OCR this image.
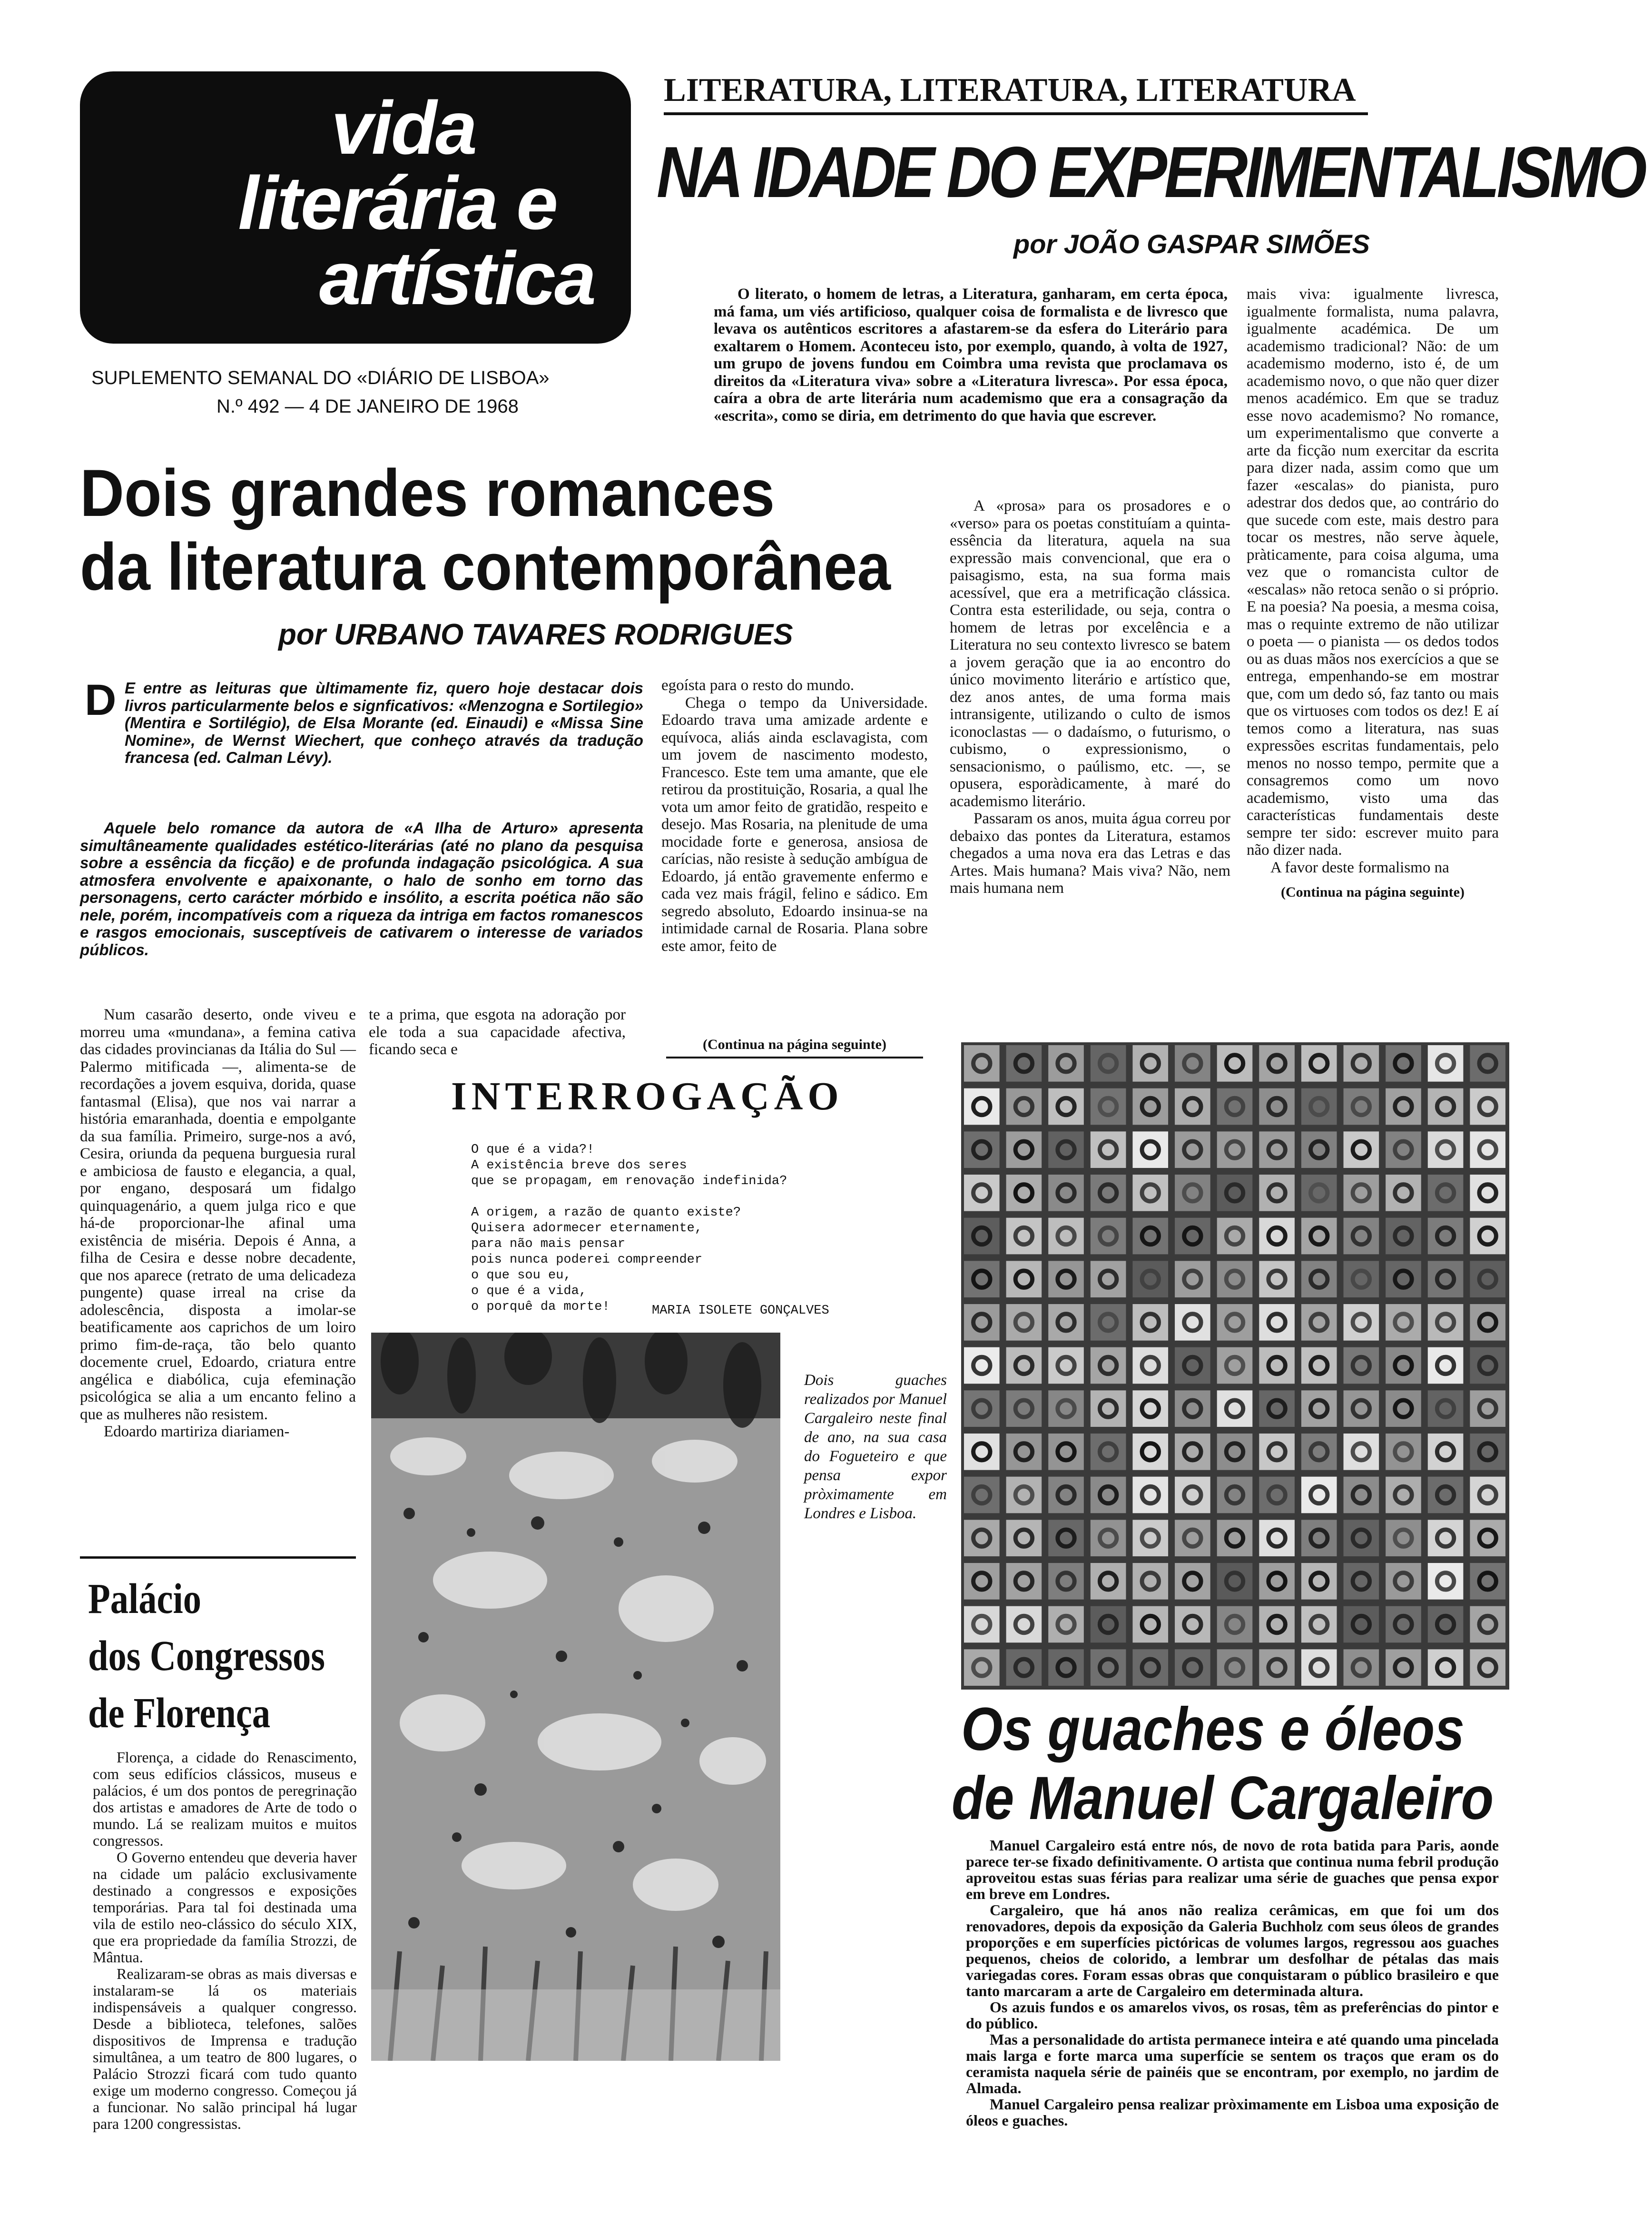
vida
literária e
artística
SUPLEMENTO SEMANAL DO «DIÁRIO DE LISBOA»
N.º 492 — 4 DE JANEIRO DE 1968
LITERATURA, LITERATURA, LITERATURA
NA IDADE DO EXPERIMENTALISMO
por JOÃO GASPAR SIMÕES

O literato, o homem de letras, a Literatura, ganharam, em certa época, má fama, um viés artificioso, qualquer coisa de formalista e de livresco que levava os autênticos escritores a afastarem-se da esfera do Literário para exaltarem o Homem. Aconteceu isto, por exemplo, quando, à volta de 1927, um grupo de jovens fundou em Coimbra uma revista que proclamava os direitos da «Literatura viva» sobre a «Literatura livresca». Por essa época, caíra a obra de arte literária num academismo que era a consagração da «escrita», como se diria, em detrimento do que havia que escrever.

A «prosa» para os prosadores e o «verso» para os poetas constituíam a quinta-essência da literatura, aquela na sua expressão mais convencional, que era o paisagismo, esta, na sua forma mais acessível, que era a metrificação clássica. Contra esta esterilidade, ou seja, contra o homem de letras por excelência e a Literatura no seu contexto livresco se batem a jovem geração que ia ao encontro do único movimento literário e artístico que, dez anos antes, de uma forma mais intransigente, utilizando o culto de ismos iconoclastas — o dadaísmo, o futurismo, o cubismo, o expressionismo, o sensacionismo, o paúlismo, etc. —, se opusera, esporàdicamente, à maré do academismo literário.

Passaram os anos, muita água correu por debaixo das pontes da Literatura, estamos chegados a uma nova era das Letras e das Artes. Mais humana? Mais viva? Não, nem mais humana nem

mais viva: igualmente livresca, igualmente formalista, numa palavra, igualmente académica. De um academismo tradicional? Não: de um academismo moderno, isto é, de um academismo novo, o que não quer dizer menos académico. Em que se traduz esse novo academismo? No romance, um experimentalismo que converte a arte da ficção num exercitar da escrita para dizer nada, assim como que um fazer «escalas» do pianista, puro adestrar dos dedos que, ao contrário do que sucede com este, mais destro para tocar os mestres, não serve àquele, pràticamente, para coisa alguma, uma vez que o romancista cultor de «escalas» não retoca senão o si próprio. E na poesia? Na poesia, a mesma coisa, mas o requinte extremo de não utilizar o poeta — o pianista — os dedos todos ou as duas mãos nos exercícios a que se entrega, empenhando-se em mostrar que, com um dedo só, faz tanto ou mais que os virtuoses com todos os dez! E aí temos como a literatura, nas suas expressões escritas fundamentais, pelo menos no nosso tempo, permite que a consagremos como um novo academismo, visto uma das características fundamentais deste sempre ter sido: escrever muito para não dizer nada.

A favor deste formalismo na

(Continua na página seguinte)
Dois grandes romances
da literatura contemporânea
por URBANO TAVARES RODRIGUES
D E entre as leituras que ùltimamente fiz, quero hoje destacar dois livros particularmente belos e signficativos: «Menzogna e Sortilegio» (Mentira e Sortilégio), de Elsa Morante (ed. Einaudi) e «Missa Sine Nomine», de Wernst Wiechert, que conheço através da tradução francesa (ed. Calman Lévy).

Aquele belo romance da autora de «A Ilha de Arturo» apresenta simultâneamente qualidades estético-literárias (até no plano da pesquisa sobre a essência da ficção) e de profunda indagação psicológica. A sua atmosfera envolvente e apaixonante, o halo de sonho em torno das personagens, certo carácter mórbido e insólito, a escrita poética não são nele, porém, incompatíveis com a riqueza da intriga em factos romanescos e rasgos emocionais, susceptíveis de cativarem o interesse de variados públicos.

egoísta para o resto do mundo.

Chega o tempo da Universidade. Edoardo trava uma amizade ardente e equívoca, aliás ainda esclavagista, com um jovem de nascimento modesto, Francesco. Este tem uma amante, que ele retirou da prostituição, Rosaria, a qual lhe vota um amor feito de gratidão, respeito e desejo. Mas Rosaria, na plenitude de uma mocidade forte e generosa, ansiosa de carícias, não resiste à sedução ambígua de Edoardo, já então gravemente enfermo e cada vez mais frágil, felino e sádico. Em segredo absoluto, Edoardo insinua-se na intimidade carnal de Rosaria. Plana sobre este amor, feito de

te a prima, que esgota na adoração por ele toda a sua capacidade afectiva, ficando seca e	(Continua na página seguinte)

Num casarão deserto, onde viveu e morreu uma «mundana», a femina cativa das cidades provincianas da Itália do Sul — Palermo mitificada —, alimenta-se de recordações a jovem esquiva, dorida, quase fantasmal (Elisa), que nos vai narrar a história emaranhada, doentia e empolgante da sua família. Primeiro, surge-nos a avó, Cesira, oriunda da pequena burguesia rural e ambiciosa de fausto e elegancia, a qual, por engano, desposará um fidalgo quinquagenário, a quem julga rico e que há-de proporcionar-lhe afinal uma existência de miséria. Depois é Anna, a filha de Cesira e desse nobre decadente, que nos aparece (retrato de uma delicadeza pungente) quase irreal na crise da adolescência, disposta a imolar-se beatificamente aos caprichos de um loiro primo fim-de-raça, tão belo quanto docemente cruel, Edoardo, criatura entre angélica e diabólica, cuja efeminação psicológica se alia a um encanto felino a que as mulheres não resistem.

Edoardo martiriza diariamen-

INTERROGAÇÃO
O que é a vida?!
A existência breve dos seres
que se propagam, em renovação indefinida?
A origem, a razão de quanto existe?
Quisera adormecer eternamente,
para não mais pensar
pois nunca poderei compreender
o que sou eu,
o que é a vida,
o porquê da morte!	MARIA ISOLETE GONÇALVES
Dois guaches realizados por Manuel Cargaleiro neste final de ano, na sua casa do Fogueteiro e que pensa expor pròximamente em Londres e Lisboa.
Palácio
dos Congressos
de Florença

Florença, a cidade do Renascimento, com seus edifícios clássicos, museus e palácios, é um dos pontos de peregrinação dos artistas e amadores de Arte de todo o mundo. Lá se realizam muitos e muitos congressos.

O Governo entendeu que deveria haver na cidade um palácio exclusivamente destinado a congressos e exposições temporárias. Para tal foi destinada uma vila de estilo neo-clássico do século XIX, que era propriedade da família Strozzi, de Mântua.

Realizaram-se obras as mais diversas e instalaram-se lá os materiais indispensáveis a qualquer congresso. Desde a biblioteca, telefones, salões dispositivos de Imprensa e tradução simultânea, a um teatro de 800 lugares, o Palácio Strozzi ficará com tudo quanto exige um moderno congresso. Começou já a funcionar. No salão principal há lugar para 1200 congressistas.

Os guaches e óleos
de Manuel Cargaleiro

Manuel Cargaleiro está entre nós, de novo de rota batida para Paris, aonde parece ter-se fixado definitivamente. O artista que continua numa febril produção aproveitou estas suas férias para realizar uma série de guaches que pensa expor em breve em Londres.

Cargaleiro, que há anos não realiza cerâmicas, em que foi um dos renovadores, depois da exposição da Galeria Buchholz com seus óleos de grandes proporções e em superfícies pictóricas de volumes largos, regressou aos guaches pequenos, cheios de colorido, a lembrar um desfolhar de pétalas das mais variegadas cores. Foram essas obras que conquistaram o público brasileiro e que tanto marcaram a arte de Cargaleiro em determinada altura.

Os azuis fundos e os amarelos vivos, os rosas, têm as preferências do pintor e do público.

Mas a personalidade do artista permanece inteira e até quando uma pincelada mais larga e forte marca uma superfície se sentem os traços que eram os do ceramista naquela série de painéis que se encontram, por exemplo, no jardim de Almada.

Manuel Cargaleiro pensa realizar pròximamente em Lisboa uma exposição de óleos e guaches.
